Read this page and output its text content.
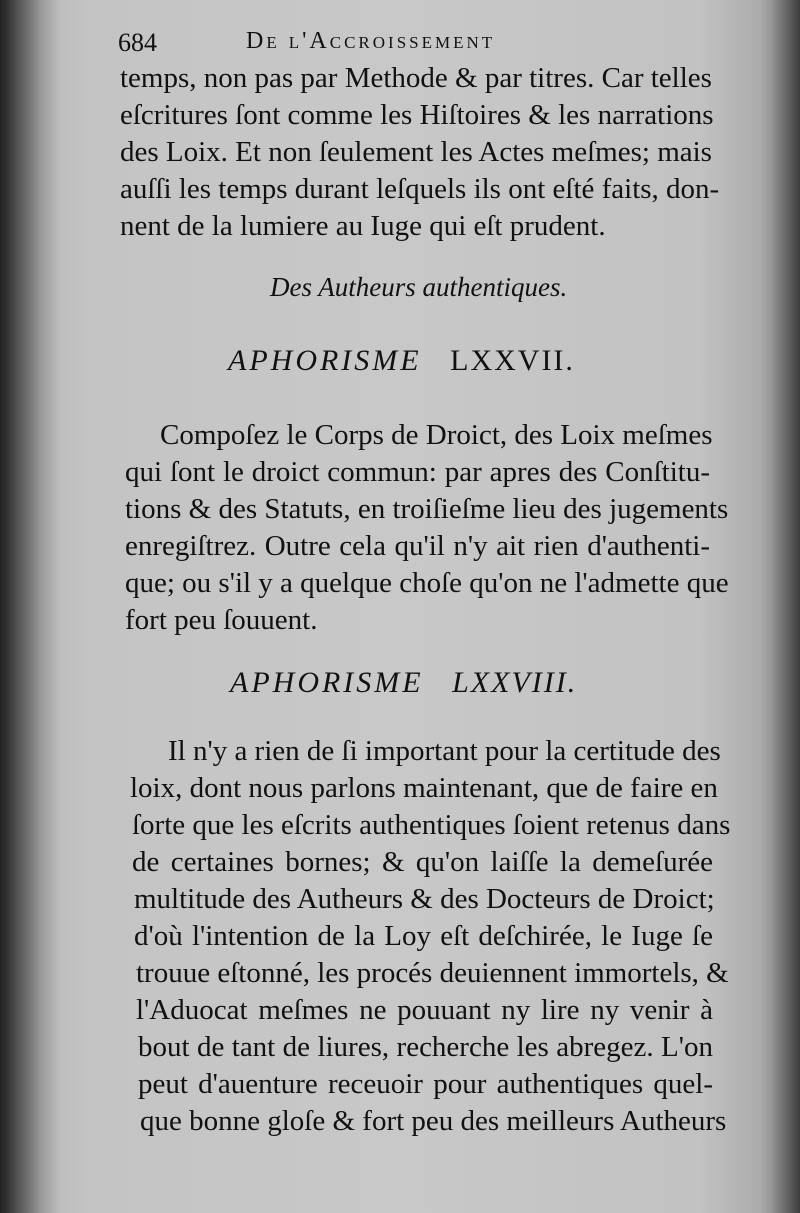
684	De l'Accroissement
temps, non pas par Methode & par titres. Car telles
eſcritures ſont comme les Hiſtoires & les narrations
des Loix. Et non ſeulement les Actes meſmes; mais
auſſi les temps durant leſquels ils ont eſté faits, don-
nent de la lumiere au Iuge qui eſt prudent.
Des Autheurs authentiques.
APHORISME LXXVII.
Compoſez le Corps de Droict, des Loix meſmes
qui ſont le droict commun: par apres des Conſtitu-
tions & des Statuts, en troiſieſme lieu des jugements
enregiſtrez. Outre cela qu'il n'y ait rien d'authenti-
que; ou s'il y a quelque choſe qu'on ne l'admette que
fort peu ſouuent.
APHORISME LXXVIII.
Il n'y a rien de ſi important pour la certitude des
loix, dont nous parlons maintenant, que de faire en
ſorte que les eſcrits authentiques ſoient retenus dans
de certaines bornes; & qu'on laiſſe la demeſurée
multitude des Autheurs & des Docteurs de Droict;
d'où l'intention de la Loy eſt deſchirée, le Iuge ſe
trouue eſtonné, les procés deuiennent immortels, &
l'Aduocat meſmes ne pouuant ny lire ny venir à
bout de tant de liures, recherche les abregez. L'on
peut d'auenture receuoir pour authentiques quel-
que bonne gloſe & fort peu des meilleurs Autheurs
